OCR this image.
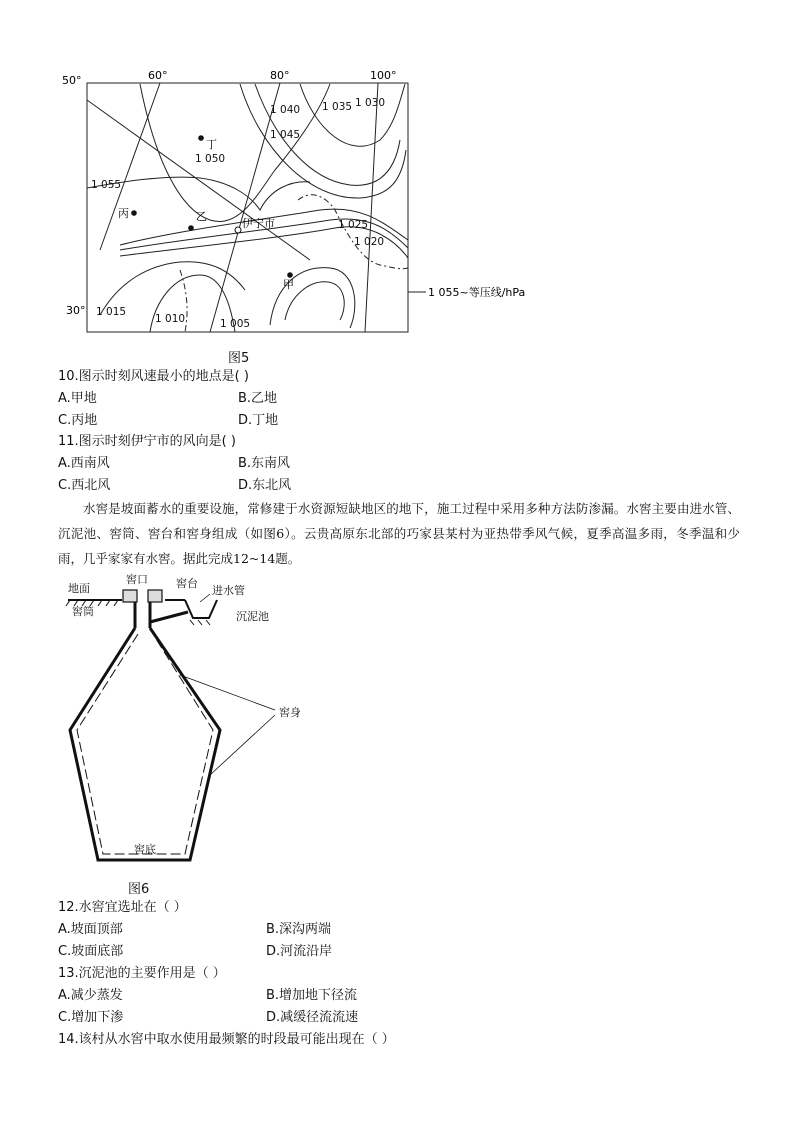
50°	60°	80°	100°
30°
1 040 1 035 1 030
1 045
1 050
1 055
1 025
1 020
1 015
1 010	1 005
丁
丙	乙
伊宁市
甲
1 055~等压线/hPa
图5
10.图示时刻风速最小的地点是( )
A.甲地	B.乙地
C.丙地	D.丁地
11.图示时刻伊宁市的风向是( )
A.西南风	B.东南风
C.西北风	D.东北风
水窖是坡面蓄水的重要设施，常修建于水资源短缺地区的地下，施工过程中采用多种方法防渗漏。水窖主要由进水管、沉泥池、窖筒、窖台和窖身组成（如图6）。云贵高原东北部的巧家县某村为亚热带季风气候，夏季高温多雨，冬季温和少雨，几乎家家有水窖。据此完成12~14题。
地面
窖口	窖台
进水管
窖筒	沉泥池
窖身
窖底
图6
12.水窖宜选址在（ ）
A.坡面顶部	B.深沟两端
C.坡面底部	D.河流沿岸
13.沉泥池的主要作用是（ ）
A.减少蒸发	B.增加地下径流
C.增加下渗	D.减缓径流流速
14.该村从水窖中取水使用最频繁的时段最可能出现在（ ）
